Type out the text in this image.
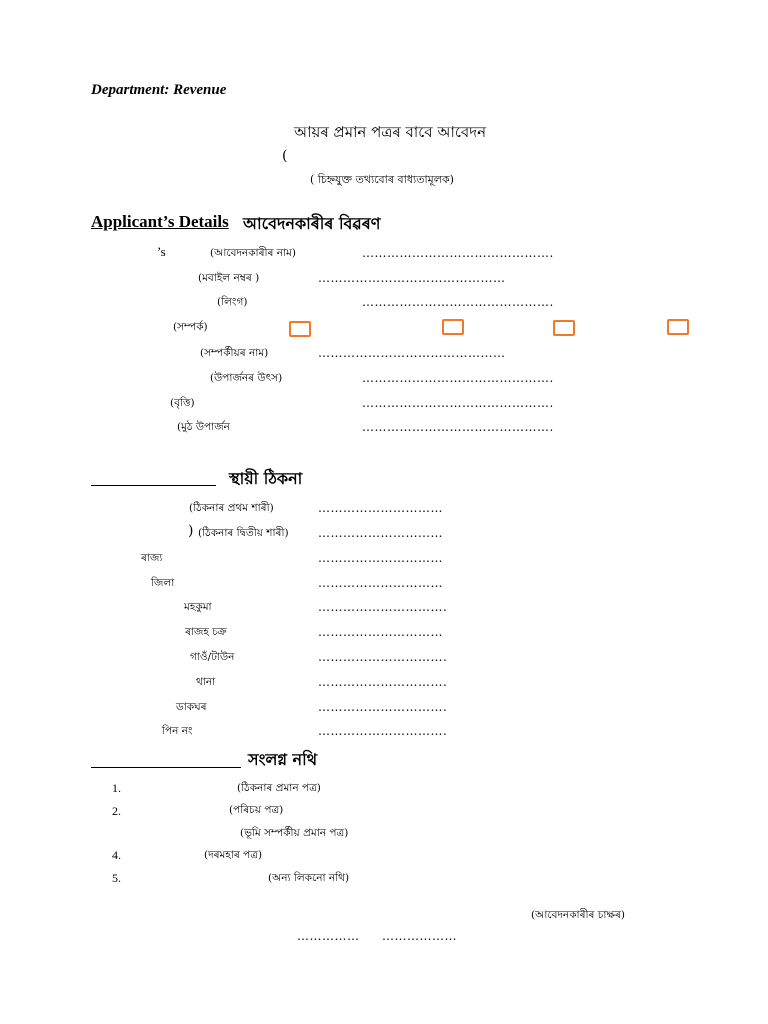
Department: Revenue
আয়ৰ প্ৰমান পত্ৰৰ বাবে আবেদন
(
( চিহ্নযুক্ত তথ্যবোৰ বাধ্যতামূলক)
Applicant’s Details আবেদনকাৰীৰ বিৱৰণ
’s	(আবেদনকাৰীৰ নাম)	……………………………………….
(মবাইল নম্বৰ )	………………………………………
(লিংগ)	……………………………………….
(সম্পৰ্ক)
(সম্পৰ্কীয়ৰ নাম)	………………………………………
(উপাৰ্জনৰ উৎস)	……………………………………….
(বৃত্তি)	……………………………………….
(মুঠ উপাৰ্জন	……………………………………….
স্থায়ী ঠিকনা
(ঠিকনাৰ প্ৰথম শাৰী)	…………………………
) (ঠিকনাৰ দ্বিতীয় শাৰী) …………………………
ৰাজ্য	…………………………
জিলা	…………………………
মহকুমা	………………………….
ৰাজহ চক্ৰ	…………………………
গাওঁ/টাউন	………………………….
থানা	………………………….
ডাকঘৰ	………………………….
পিন নং	………………………….
সংলগ্ন নথি
1.	(ঠিকনাৰ প্ৰমান পত্ৰ)
2.	(পৰিচয় পত্ৰ)
(ভূমি সম্পৰ্কীয় প্ৰমান পত্ৰ)
4.	(দৰমহাৰ পত্ৰ)
5.	(অন্য লিকনো নথি)
(আবেদনকাৰীৰ চাক্ষৰ)
…………… ………………
